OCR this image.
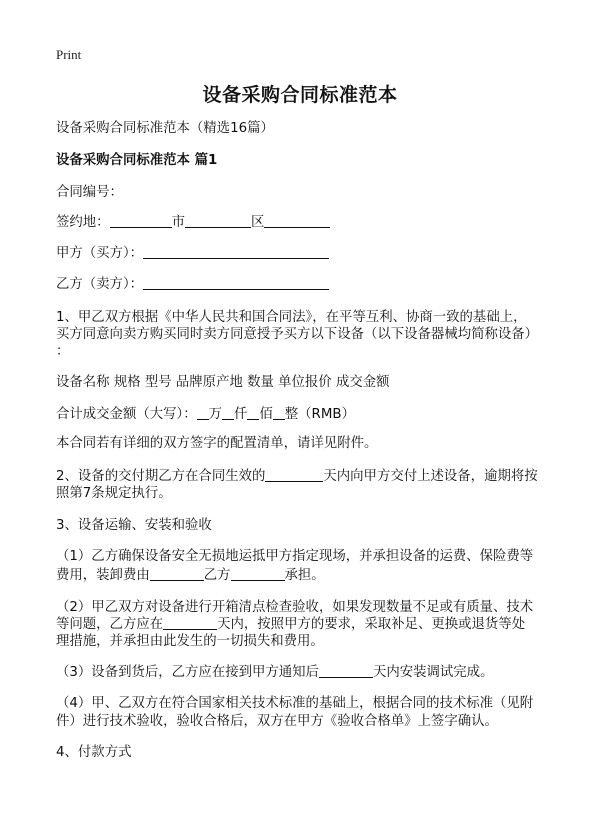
Print
设备采购合同标准范本
设备采购合同标准范本（精选16篇）
设备采购合同标准范本 篇1
合同编号：
签约地：	市	区
甲方（买方）：
乙方（卖方）：
1、甲乙双方根据《中华人民共和国合同法》，在平等互利、协商一致的基础上，
买方同意向卖方购买同时卖方同意授予买方以下设备（以下设备器械均简称设备）
：
设备名称 规格 型号 品牌原产地 数量 单位报价 成交金额
合计成交金额（大写）： 万 仟 佰 整（RMB）
本合同若有详细的双方签字的配置清单，请详见附件。
2、设备的交付期乙方在合同生效的	天内向甲方交付上述设备，逾期将按
照第7条规定执行。
3、设备运输、安装和验收
（1）乙方确保设备安全无损地运抵甲方指定现场，并承担设备的运费、保险费等
费用，装卸费由	乙方	承担。
（2）甲乙双方对设备进行开箱清点检查验收，如果发现数量不足或有质量、技术
等问题，乙方应在	天内，按照甲方的要求，采取补足、更换或退货等处
理措施，并承担由此发生的一切损失和费用。
（3）设备到货后，乙方应在接到甲方通知后	天内安装调试完成。
（4）甲、乙双方在符合国家相关技术标准的基础上，根据合同的技术标准（见附
件）进行技术验收，验收合格后，双方在甲方《验收合格单》上签字确认。
4、付款方式
